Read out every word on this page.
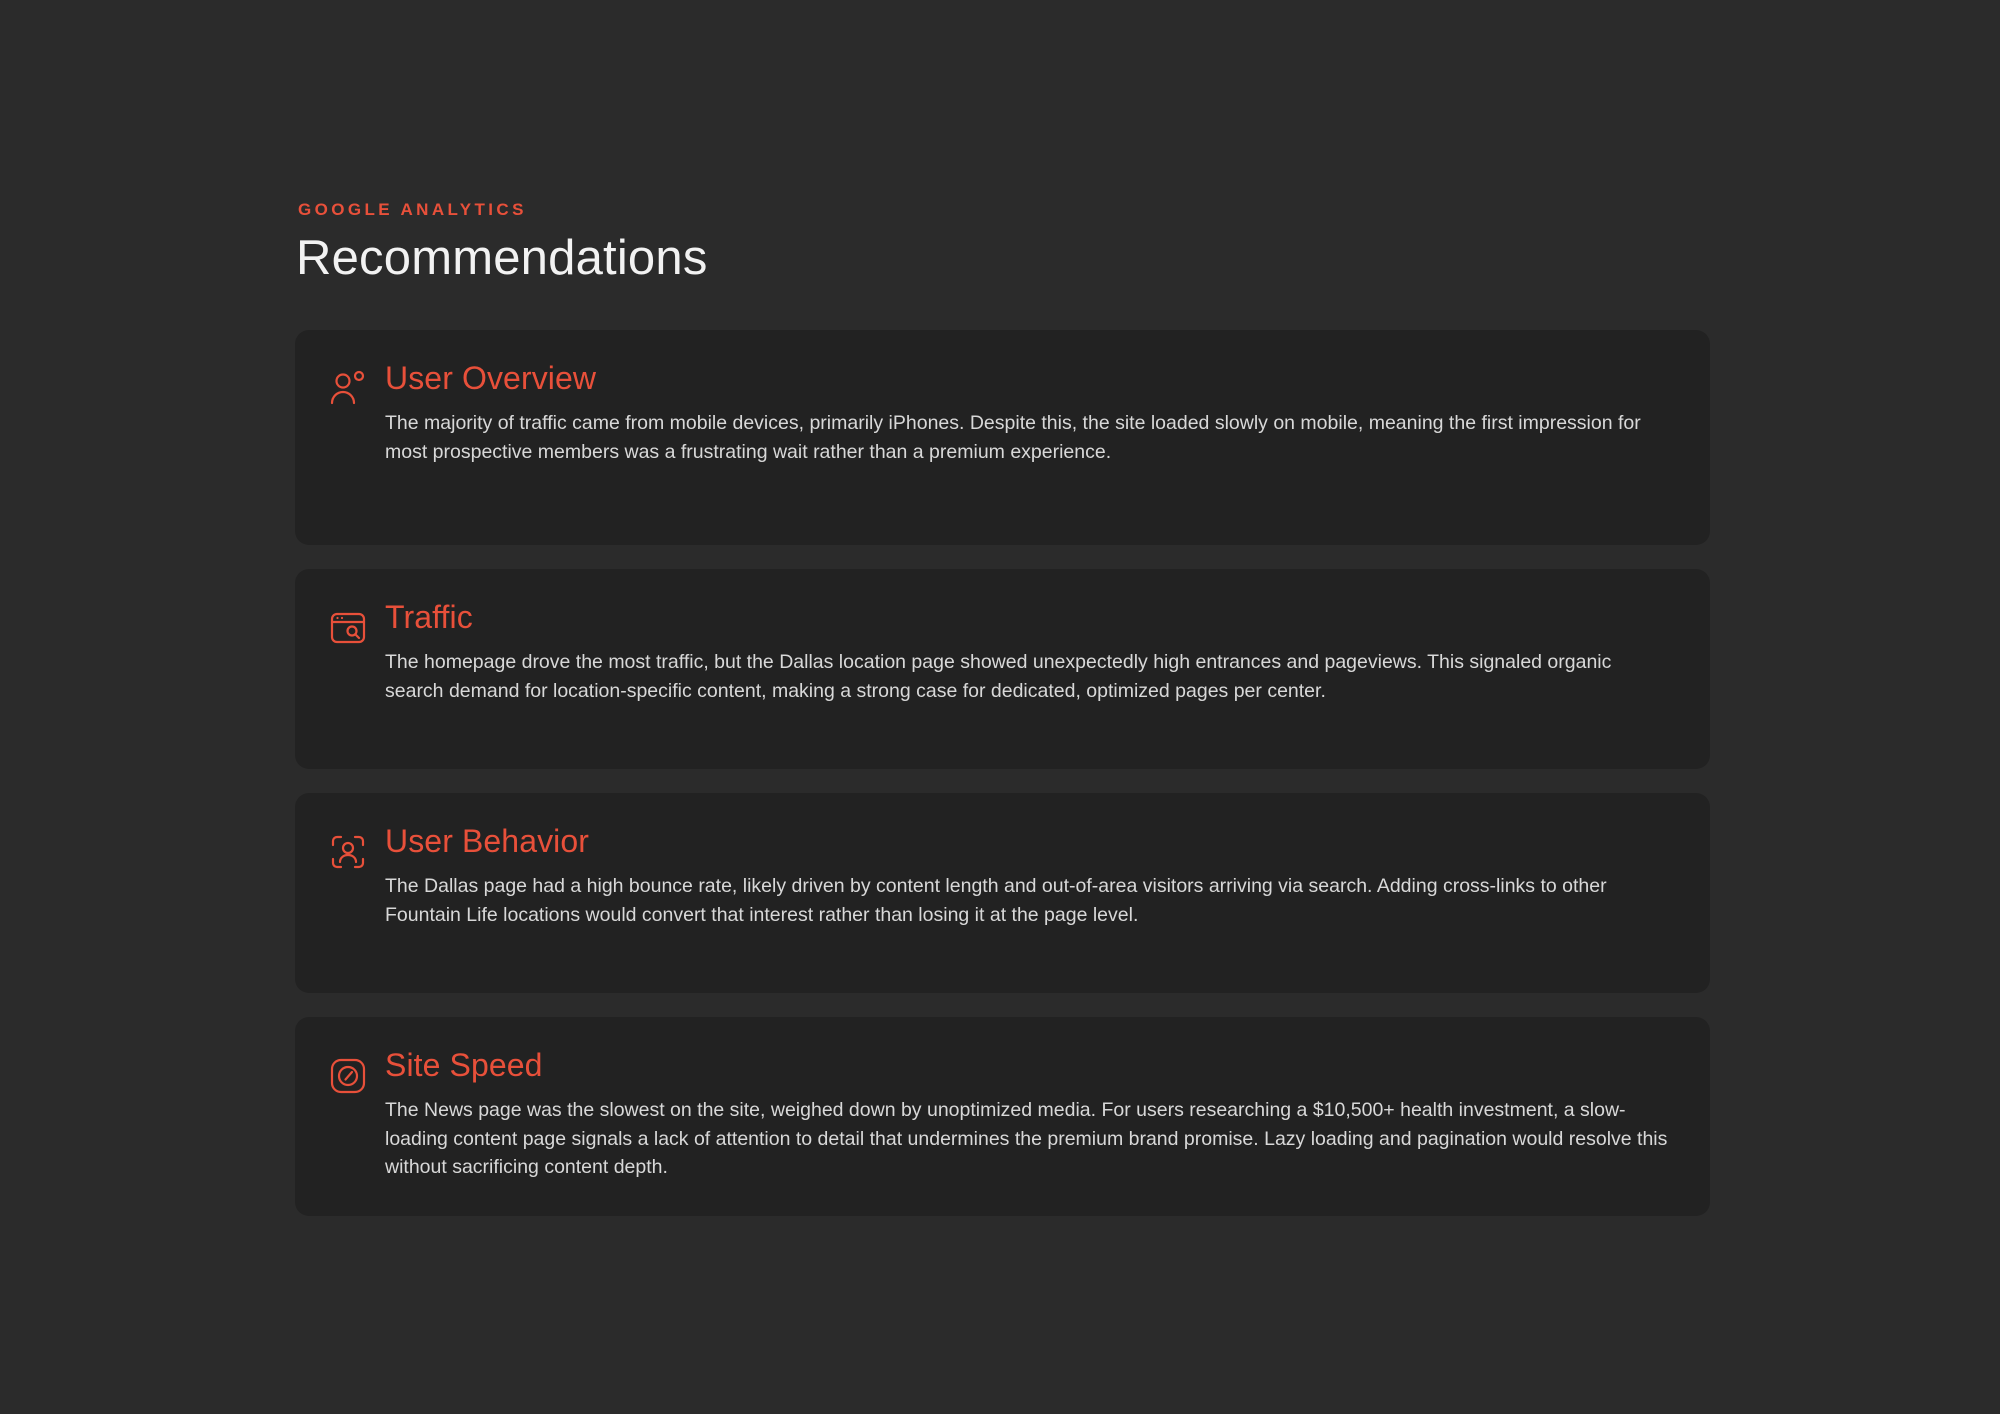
GOOGLE ANALYTICS
Recommendations
User Overview

The majority of traffic came from mobile devices, primarily iPhones. Despite this, the site loaded slowly on mobile, meaning the first impression for most prospective members was a frustrating wait rather than a premium experience.

Traffic

The homepage drove the most traffic, but the Dallas location page showed unexpectedly high entrances and pageviews. This signaled organic search demand for location-specific content, making a strong case for dedicated, optimized pages per center.

User Behavior

The Dallas page had a high bounce rate, likely driven by content length and out-of-area visitors arriving via search. Adding cross-links to other Fountain Life locations would convert that interest rather than losing it at the page level.

Site Speed

The News page was the slowest on the site, weighed down by unoptimized media. For users researching a $10,500+ health investment, a slow-loading content page signals a lack of attention to detail that undermines the premium brand promise. Lazy loading and pagination would resolve this without sacrificing content depth.
